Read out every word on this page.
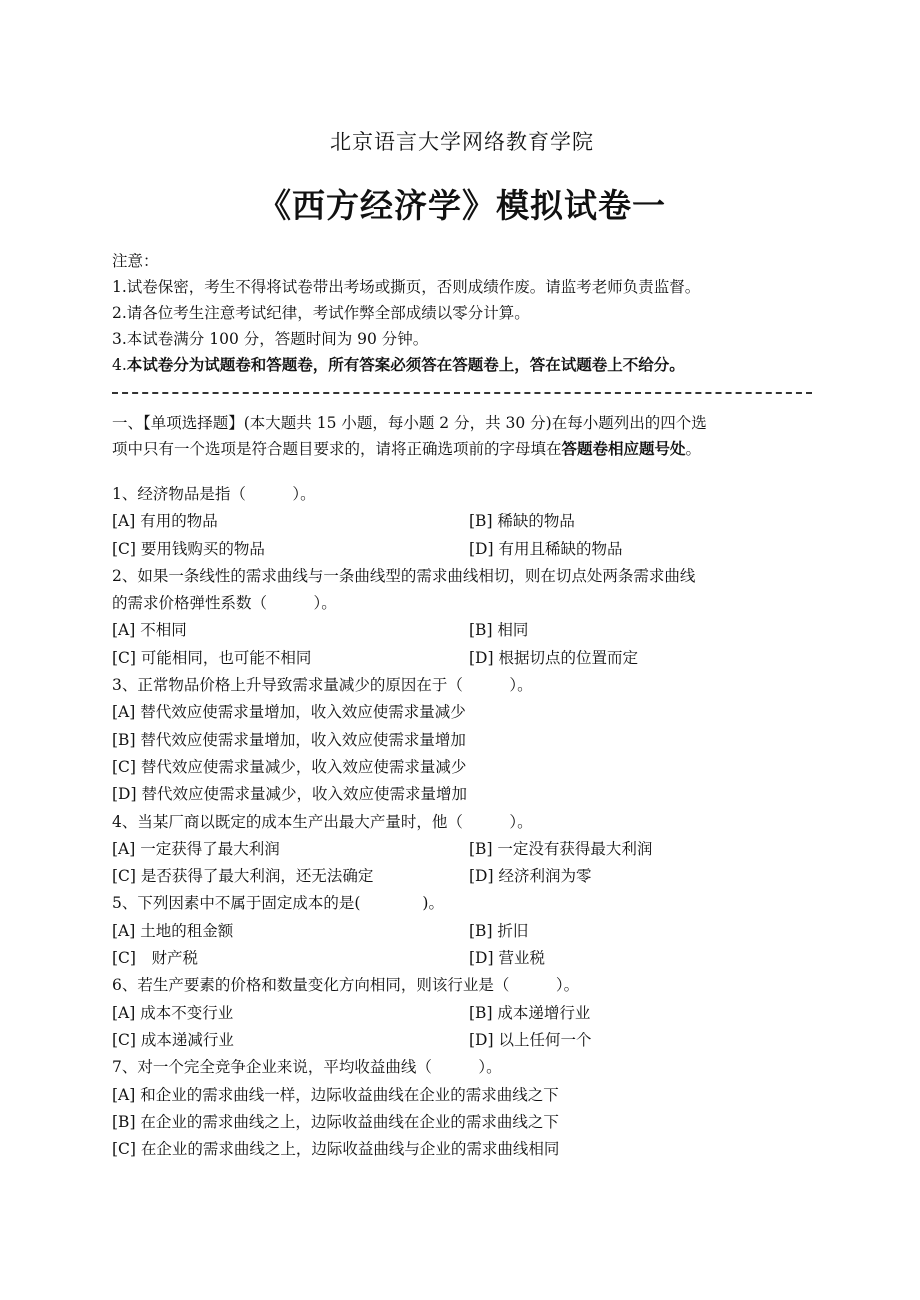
北京语言大学网络教育学院
《西方经济学》模拟试卷一
注意：
1.试卷保密，考生不得将试卷带出考场或撕页，否则成绩作废。请监考老师负责监督。
2.请各位考生注意考试纪律，考试作弊全部成绩以零分计算。
3.本试卷满分 100 分，答题时间为 90 分钟。
4.本试卷分为试题卷和答题卷，所有答案必须答在答题卷上，答在试题卷上不给分。
一、【单项选择题】(本大题共 15 小题，每小题 2 分，共 30 分)在每小题列出的四个选
项中只有一个选项是符合题目要求的，请将正确选项前的字母填在答题卷相应题号处。
1、经济物品是指（　　　）。
[A] 有用的物品	[B] 稀缺的物品
[C] 要用钱购买的物品	[D] 有用且稀缺的物品
2、如果一条线性的需求曲线与一条曲线型的需求曲线相切，则在切点处两条需求曲线
的需求价格弹性系数（　　　）。
[A] 不相同	[B] 相同
[C] 可能相同，也可能不相同	[D] 根据切点的位置而定
3、正常物品价格上升导致需求量减少的原因在于（　　　）。
[A] 替代效应使需求量增加，收入效应使需求量减少
[B] 替代效应使需求量增加，收入效应使需求量增加
[C] 替代效应使需求量减少，收入效应使需求量减少
[D] 替代效应使需求量减少，收入效应使需求量增加
4、当某厂商以既定的成本生产出最大产量时，他（　　　）。
[A] 一定获得了最大利润	[B] 一定没有获得最大利润
[C] 是否获得了最大利润，还无法确定	[D] 经济利润为零
5、下列因素中不属于固定成本的是(　　　　)。
[A] 土地的租金额	[B] 折旧
[C]　财产税	[D] 营业税
6、若生产要素的价格和数量变化方向相同，则该行业是（　　　）。
[A] 成本不变行业	[B] 成本递增行业
[C] 成本递减行业	[D] 以上任何一个
7、对一个完全竞争企业来说，平均收益曲线（　　　）。
[A] 和企业的需求曲线一样，边际收益曲线在企业的需求曲线之下
[B] 在企业的需求曲线之上，边际收益曲线在企业的需求曲线之下
[C] 在企业的需求曲线之上，边际收益曲线与企业的需求曲线相同
